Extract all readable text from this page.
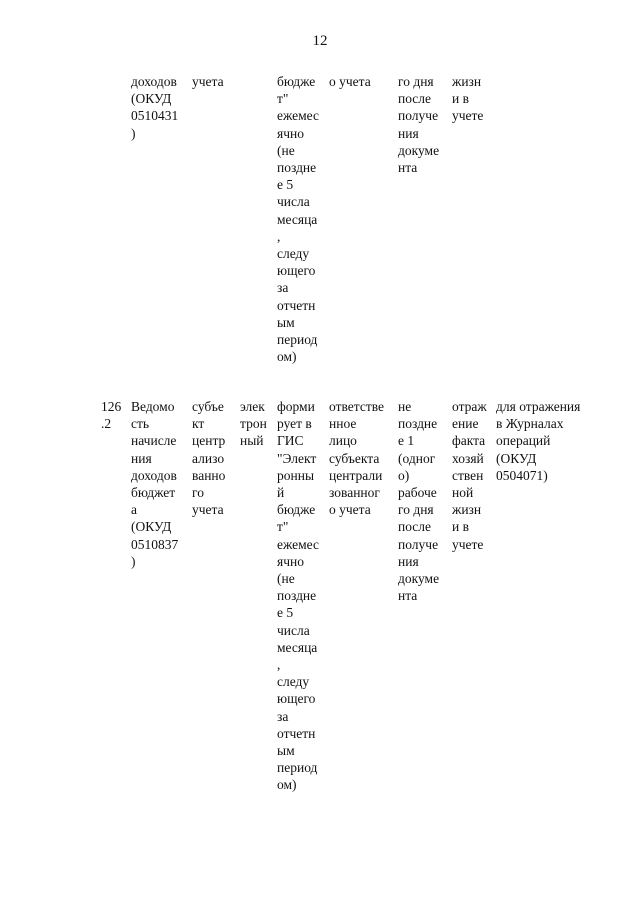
12

доходов
(ОКУД
0510431
)

учета	бюдже
т"
ежемес
ячно
(не
поздне
е 5
числа
месяца
,
следу
ющего
за
отчетн
ым
период
ом)

о учета го дня
после
получе
ния
докуме
нта

жизн
и в
учете

126
.2

Ведомо
сть
начисле
ния
доходов
бюджет
а
(ОКУД
0510837
)

субъе
кт
центр
ализо
ванно
го
учета

элек
трон
ный

форми
рует в
ГИС
"Элект
ронны
й
бюдже
т"
ежемес
ячно
(не
поздне
е 5
числа
месяца
,
следу
ющего
за
отчетн
ым
период
ом)

ответстве
нное
лицо
субъекта
централи
зованног
о учета

не
поздне
е 1
(одног
о)
рабоче
го дня
после
получе
ния
докуме
нта

отраж
ение
факта
хозяй
ствен
ной
жизн
и в
учете

для отражения
в Журналах
операций
(ОКУД
0504071)
